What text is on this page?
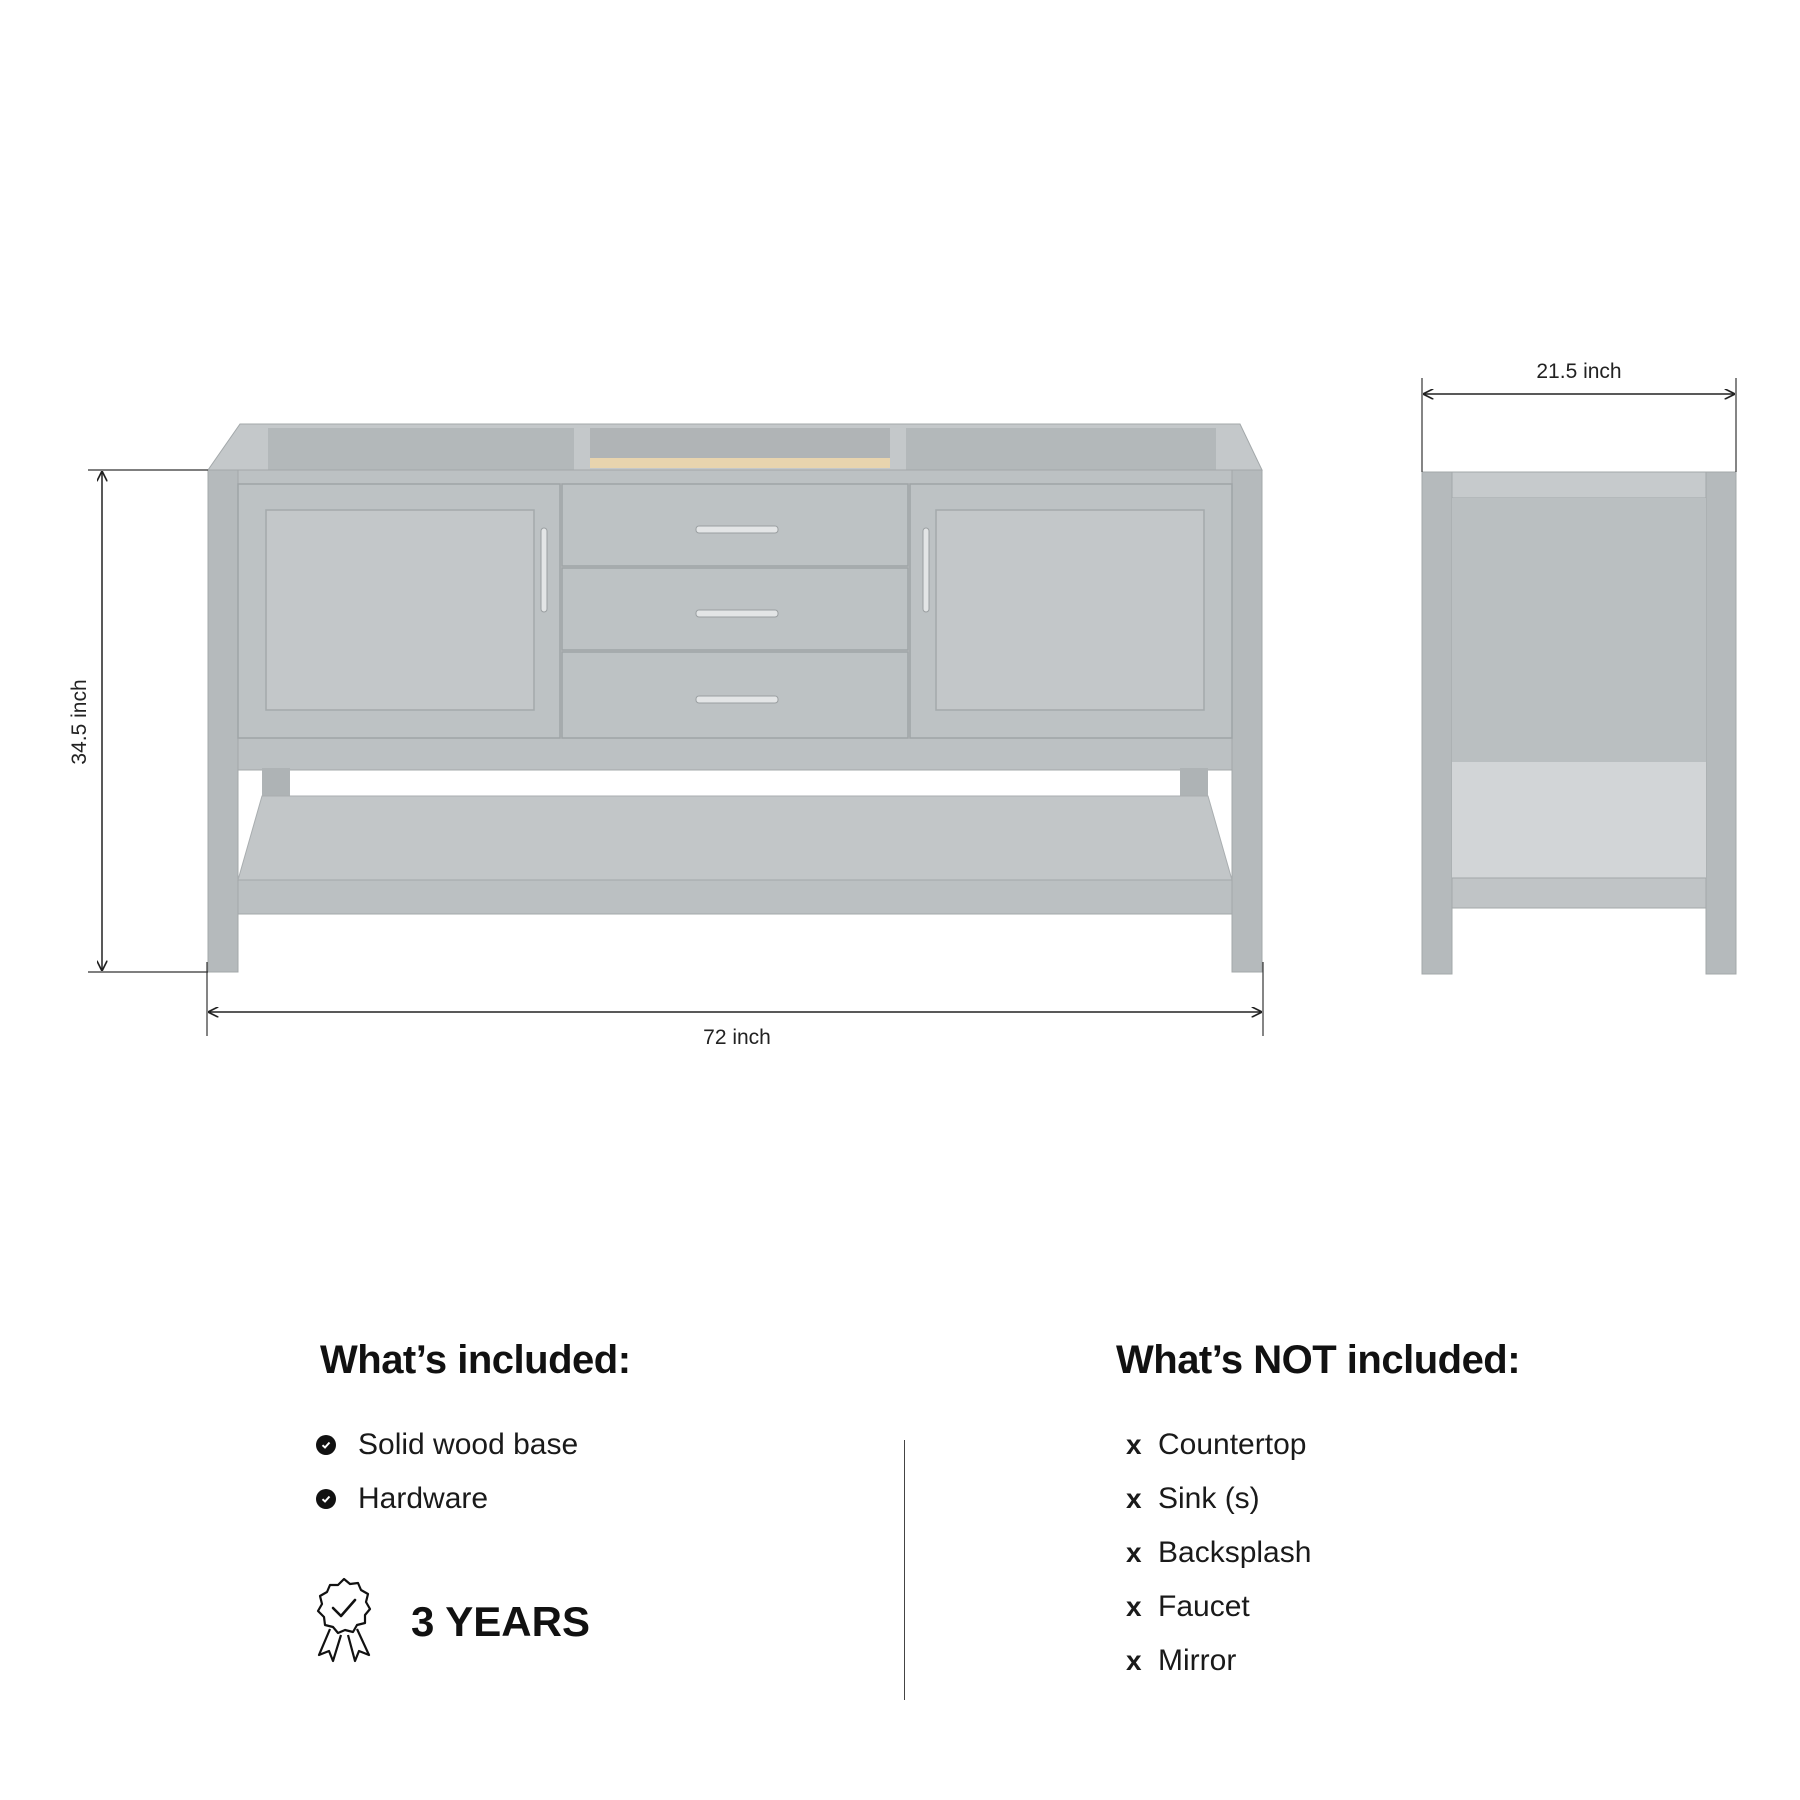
34.5 inch
72 inch
21.5 inch
What’s included:
Solid wood base
Hardware
3 YEARS
What’s NOT included:
x Countertop
x Sink (s)
x Backsplash
x Faucet
x Mirror
